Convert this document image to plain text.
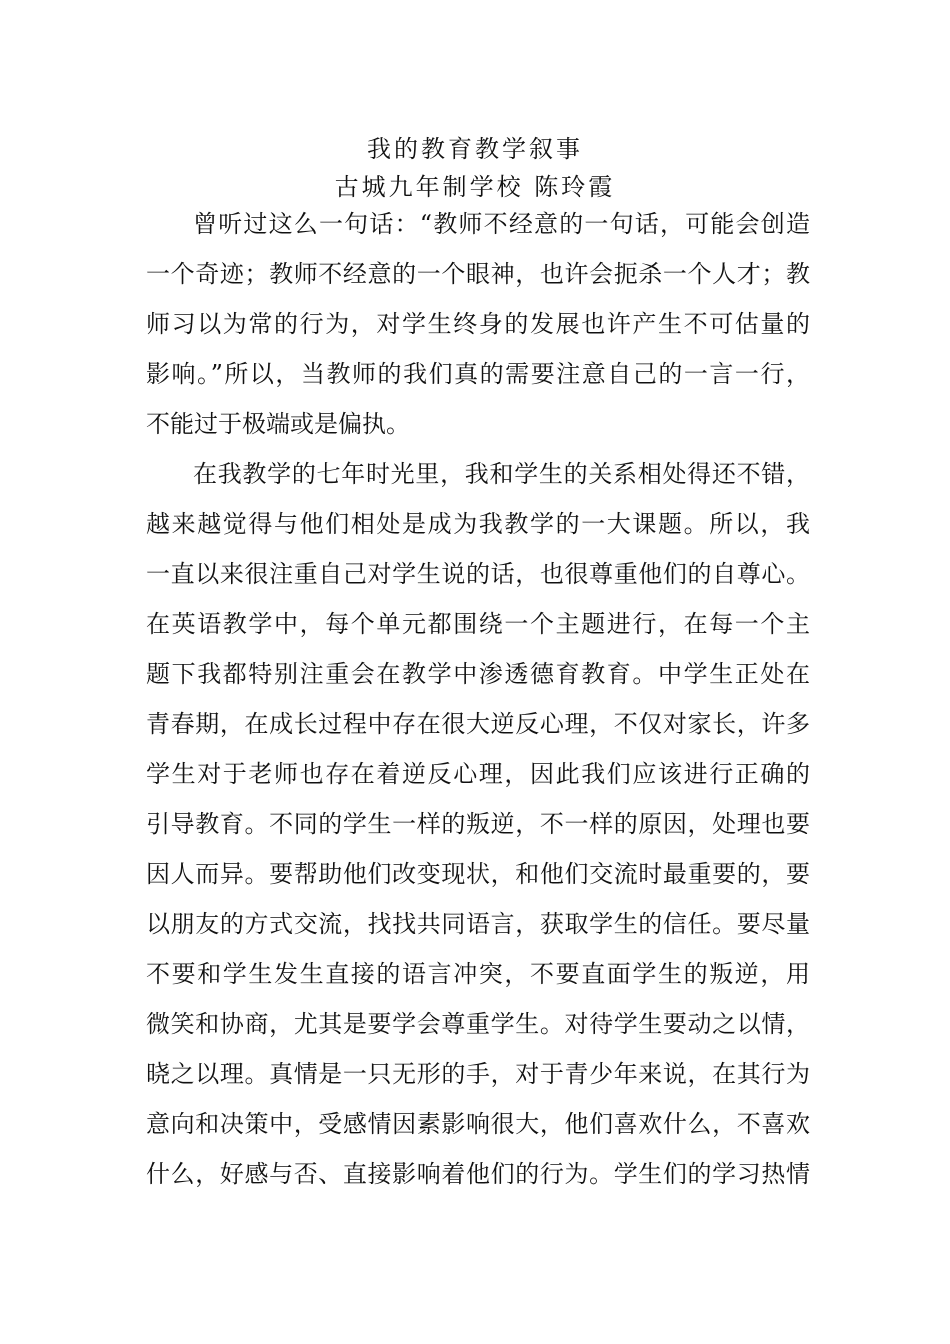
我的教育教学叙事
古城九年制学校 陈玲霞
曾听过这么一句话：“教师不经意的一句话，可能会创造
一个奇迹；教师不经意的一个眼神，也许会扼杀一个人才；教
师习以为常的行为，对学生终身的发展也许产生不可估量的
影响。”所以，当教师的我们真的需要注意自己的一言一行，
不能过于极端或是偏执。
在我教学的七年时光里，我和学生的关系相处得还不错，
越来越觉得与他们相处是成为我教学的一大课题。所以，我
一直以来很注重自己对学生说的话，也很尊重他们的自尊心。
在英语教学中，每个单元都围绕一个主题进行，在每一个主
题下我都特别注重会在教学中渗透德育教育。中学生正处在
青春期，在成长过程中存在很大逆反心理，不仅对家长，许多
学生对于老师也存在着逆反心理，因此我们应该进行正确的
引导教育。不同的学生一样的叛逆，不一样的原因，处理也要
因人而异。要帮助他们改变现状，和他们交流时最重要的，要
以朋友的方式交流，找找共同语言，获取学生的信任。要尽量
不要和学生发生直接的语言冲突，不要直面学生的叛逆，用
微笑和协商，尤其是要学会尊重学生。对待学生要动之以情，
晓之以理。真情是一只无形的手，对于青少年来说，在其行为
意向和决策中，受感情因素影响很大，他们喜欢什么，不喜欢
什么，好感与否、直接影响着他们的行为。学生们的学习热情
